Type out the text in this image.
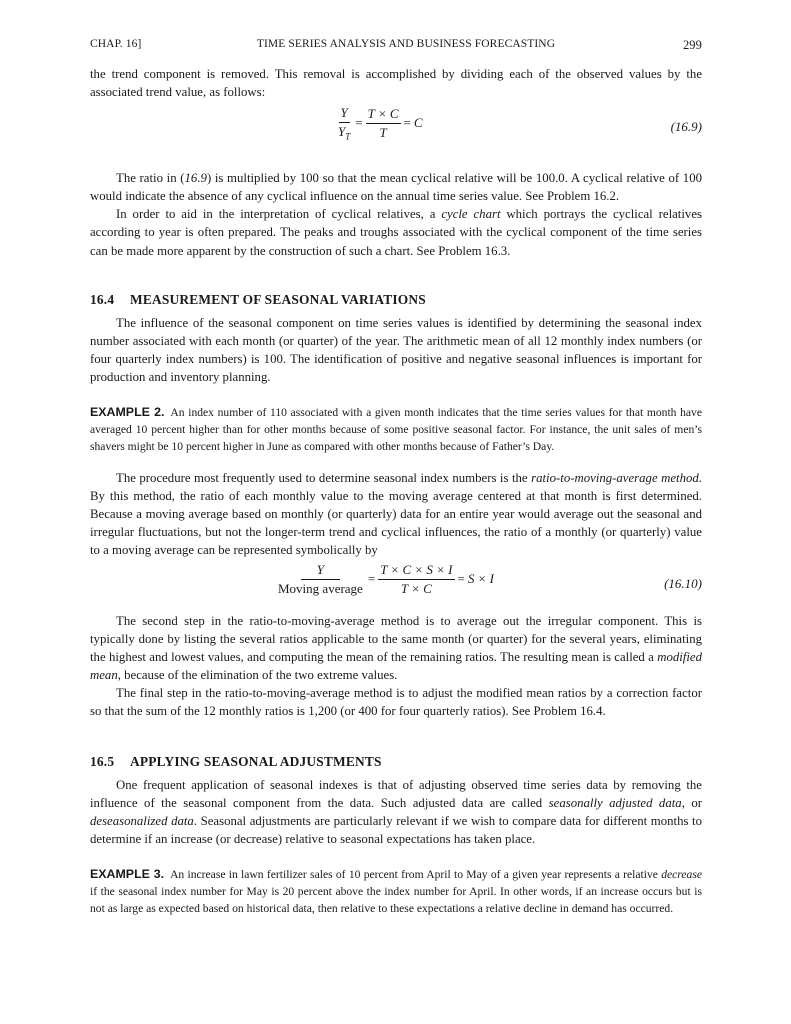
CHAP. 16]	TIME SERIES ANALYSIS AND BUSINESS FORECASTING	299

the trend component is removed. This removal is accomplished by dividing each of the observed values by the associated trend value, as follows:

$\frac{Y}{Y_T} = \frac{T \times C}{T} = C$	(16.9)

The ratio in (16.9) is multiplied by 100 so that the mean cyclical relative will be 100.0. A cyclical relative of 100 would indicate the absence of any cyclical influence on the annual time series value. See Problem 16.2.

In order to aid in the interpretation of cyclical relatives, a cycle chart which portrays the cyclical relatives according to year is often prepared. The peaks and troughs associated with the cyclical component of the time series can be made more apparent by the construction of such a chart. See Problem 16.3.

16.4 MEASUREMENT OF SEASONAL VARIATIONS

The influence of the seasonal component on time series values is identified by determining the seasonal index number associated with each month (or quarter) of the year. The arithmetic mean of all 12 monthly index numbers (or four quarterly index numbers) is 100. The identification of positive and negative seasonal influences is important for production and inventory planning.

EXAMPLE 2. An index number of 110 associated with a given month indicates that the time series values for that month have averaged 10 percent higher than for other months because of some positive seasonal factor. For instance, the unit sales of men’s shavers might be 10 percent higher in June as compared with other months because of Father’s Day.

The procedure most frequently used to determine seasonal index numbers is the ratio-to-moving-average method. By this method, the ratio of each monthly value to the moving average centered at that month is first determined. Because a moving average based on monthly (or quarterly) data for an entire year would average out the seasonal and irregular fluctuations, but not the longer-term trend and cyclical influences, the ratio of a monthly (or quarterly) value to a moving average can be represented symbolically by

$\frac{Y}{\text{Moving average}} = \frac{T \times C \times S \times I}{T \times C} = S \times I$	(16.10)

The second step in the ratio-to-moving-average method is to average out the irregular component. This is typically done by listing the several ratios applicable to the same month (or quarter) for the several years, eliminating the highest and lowest values, and computing the mean of the remaining ratios. The resulting mean is called a modified mean, because of the elimination of the two extreme values.

The final step in the ratio-to-moving-average method is to adjust the modified mean ratios by a correction factor so that the sum of the 12 monthly ratios is 1,200 (or 400 for four quarterly ratios). See Problem 16.4.

16.5 APPLYING SEASONAL ADJUSTMENTS

One frequent application of seasonal indexes is that of adjusting observed time series data by removing the influence of the seasonal component from the data. Such adjusted data are called seasonally adjusted data, or deseasonalized data. Seasonal adjustments are particularly relevant if we wish to compare data for different months to determine if an increase (or decrease) relative to seasonal expectations has taken place.

EXAMPLE 3. An increase in lawn fertilizer sales of 10 percent from April to May of a given year represents a relative decrease if the seasonal index number for May is 20 percent above the index number for April. In other words, if an increase occurs but is not as large as expected based on historical data, then relative to these expectations a relative decline in demand has occurred.
